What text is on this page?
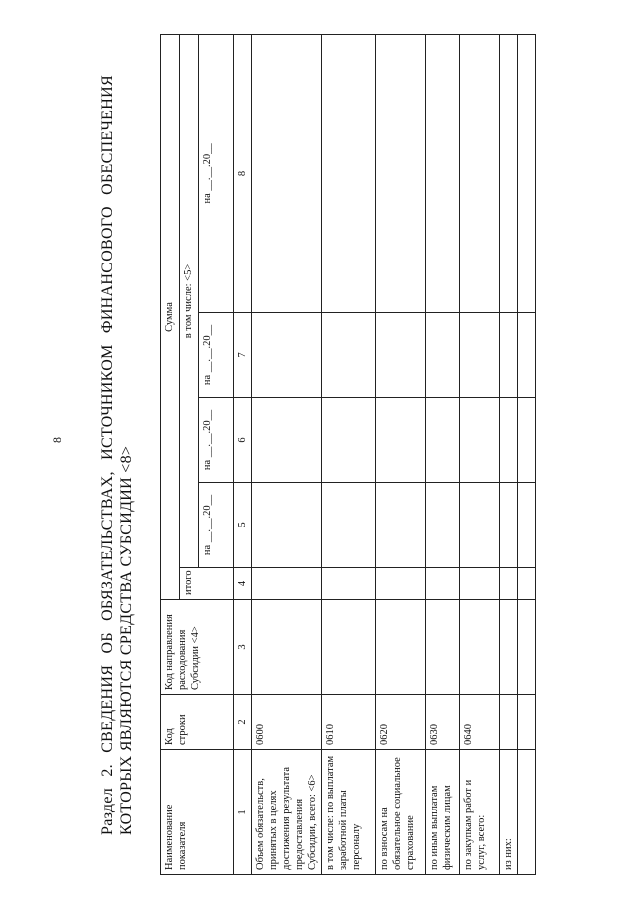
8
Раздел
2.
СВЕДЕНИЯ
ОБ
ОБЯЗАТЕЛЬСТВАХ,
ИСТОЧНИКОМ
ФИНАНСОВОГО
ОБЕСПЕЧЕНИЯ
КОТОРЫХ ЯВЛЯЮТСЯ СРЕДСТВА СУБСИДИИ <8>
Наименование показателя	Код строки	Код направления расходования Субсидии <4>	Сумма				
			итого	в том числе: <5>			
				на __.__.20__	на __.__.20__	на __.__.20__	на __.__.20__
1	2	3	4	5	6	7	8
Объем обязательств, принятых в целях достижения результата предоставления Субсидии, всего: <6>	0600						
в том числе: по выплатам заработной платы персоналу	0610						
по взносам на обязательное социальное страхование	0620						
по иным выплатам физическим лицам	0630						
по закупкам работ и услуг, всего:	0640						
из них:							
